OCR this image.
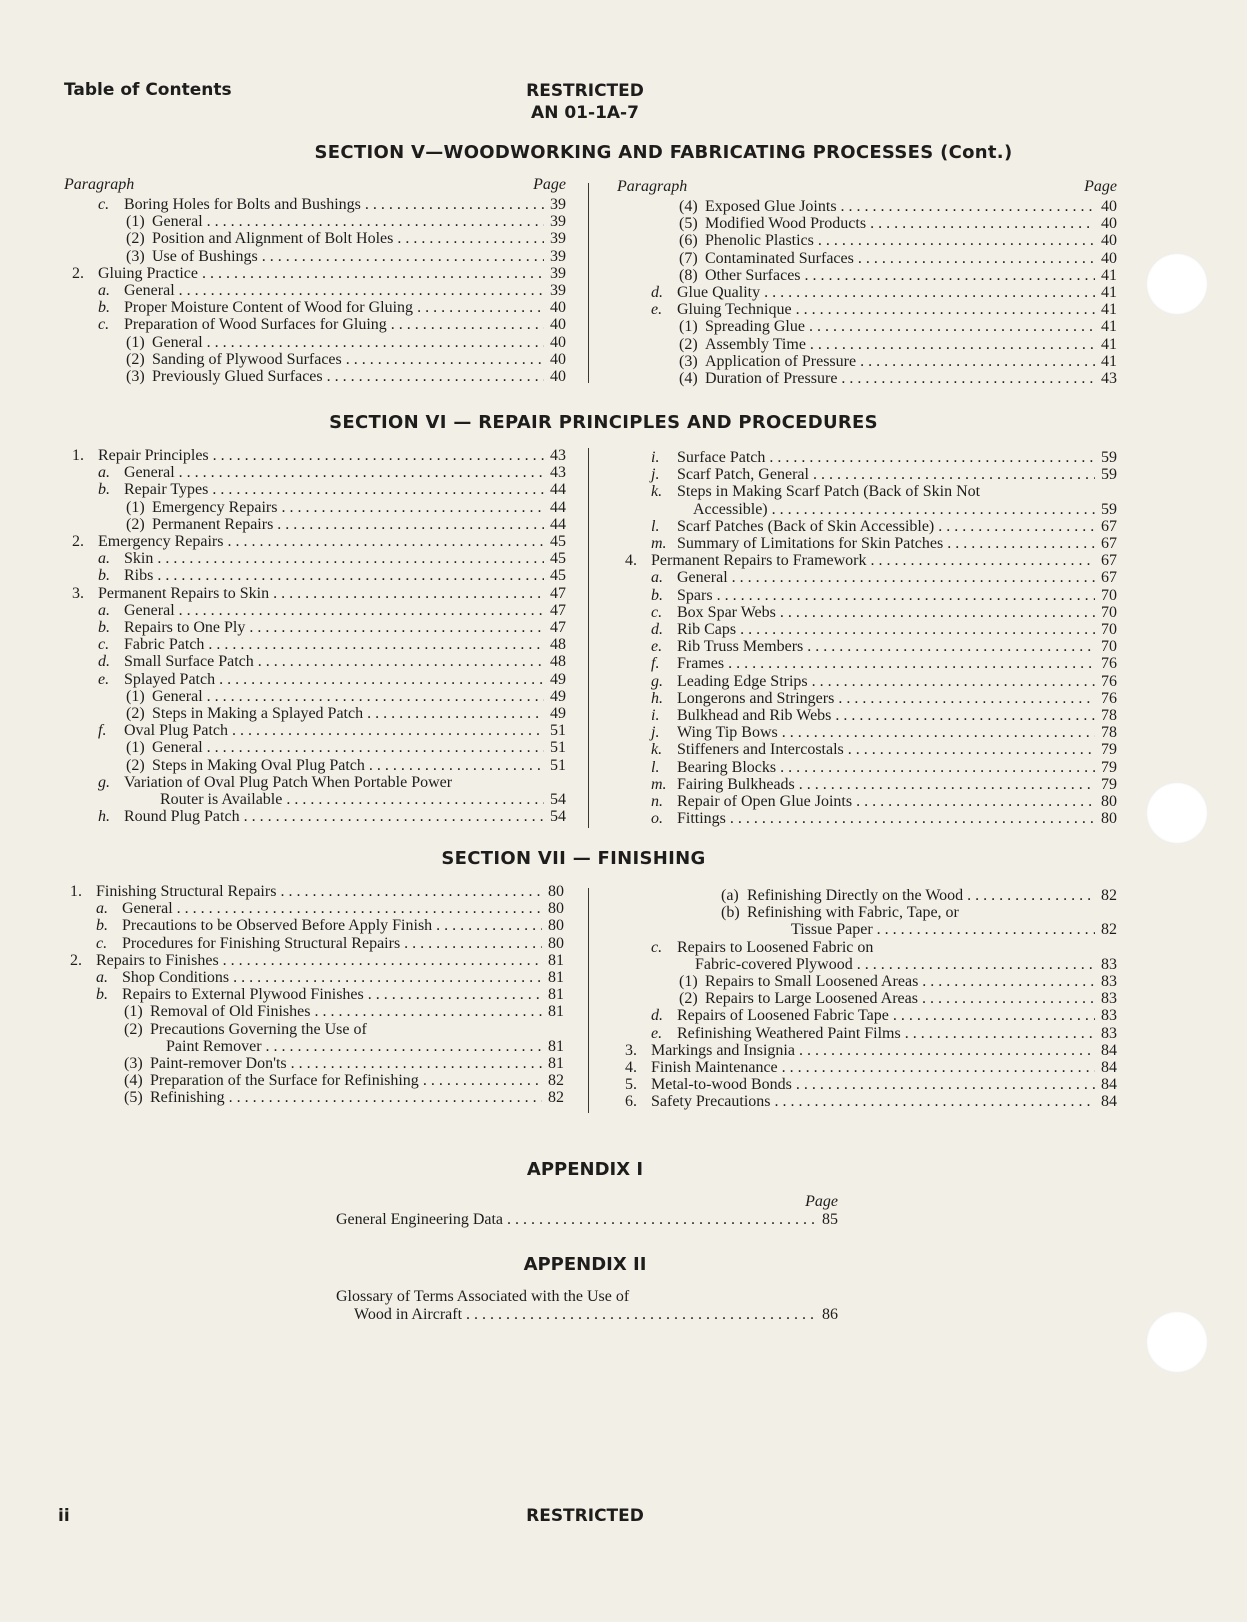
Table of Contents	RESTRICTED
AN 01-1A-7
SECTION V—WOODWORKING AND FABRICATING PROCESSES (Cont.)
Paragraph	Page
c. Boring Holes for Bolts and Bushings . . .	39
(1) General . . .	39
(2) Position and Alignment of Bolt Holes . . .	39
(3) Use of Bushings . . .	39
2. Gluing Practice . . .	39
a. General . . .	39
b. Proper Moisture Content of Wood for Gluing . . .	40
c. Preparation of Wood Surfaces for Gluing . . .	40
(1) General . . .	40
(2) Sanding of Plywood Surfaces . . .	40
(3) Previously Glued Surfaces . . .	40
Paragraph	Page
(4) Exposed Glue Joints . . .	40
(5) Modified Wood Products . . .	40
(6) Phenolic Plastics . . .	40
(7) Contaminated Surfaces . . .	40
(8) Other Surfaces . . .	41
d. Glue Quality . . .	41
e. Gluing Technique . . .	41
(1) Spreading Glue . . .	41
(2) Assembly Time . . .	41
(3) Application of Pressure . . .	41
(4) Duration of Pressure . . .	43
SECTION VI — REPAIR PRINCIPLES AND PROCEDURES
1. Repair Principles . . .	43
a. General . . .	43
b. Repair Types . . .	44
(1) Emergency Repairs . . .	44
(2) Permanent Repairs . . .	44
2. Emergency Repairs . . .	45
a. Skin . . .	45
b. Ribs . . .	45
3. Permanent Repairs to Skin . . .	47
a. General . . .	47
b. Repairs to One Ply . . .	47
c. Fabric Patch . . .	48
d. Small Surface Patch . . .	48
e. Splayed Patch . . .	49
(1) General . . .	49
(2) Steps in Making a Splayed Patch . . .	49
f.	Oval Plug Patch . . .	51
(1) General . . .	51
(2) Steps in Making Oval Plug Patch . . .	51
g. Variation of Oval Plug Patch When Portable Power
Router is Available . . .	54
h. Round Plug Patch . . .	54
i.	Surface Patch . . .	59
j.	Scarf Patch, General . . .	59
k. Steps in Making Scarf Patch (Back of Skin Not
Accessible) . . .	59
l.	Scarf Patches (Back of Skin Accessible) . . .	67
m. Summary of Limitations for Skin Patches . . .	67
4. Permanent Repairs to Framework . . .	67
a. General . . .	67
b. Spars . . .	70
c. Box Spar Webs . . .	70
d. Rib Caps . . .	70
e. Rib Truss Members . . .	70
f.	Frames . . .	76
g. Leading Edge Strips . . .	76
h. Longerons and Stringers . . .	76
i.	Bulkhead and Rib Webs . . .	78
j.	Wing Tip Bows . . .	78
k. Stiffeners and Intercostals . . .	79
l.	Bearing Blocks . . .	79
m. Fairing Bulkheads . . .	79
n. Repair of Open Glue Joints . . .	80
o. Fittings . . .	80
SECTION VII — FINISHING
1. Finishing Structural Repairs . . .	80
a. General . . .	80
b. Precautions to be Observed Before Apply Finish . . .	80
c. Procedures for Finishing Structural Repairs . . .	80
2. Repairs to Finishes . . .	81
a. Shop Conditions . . .	81
b. Repairs to External Plywood Finishes . . .	81
(1) Removal of Old Finishes . . .	81
(2) Precautions Governing the Use of
Paint Remover . . .	81
(3) Paint-remover Don'ts . . .	81
(4) Preparation of the Surface for Refinishing . . .	82
(5) Refinishing . . .	82
(a) Refinishing Directly on the Wood . . .	82
(b) Refinishing with Fabric, Tape, or
Tissue Paper . . .	82
c. Repairs to Loosened Fabric on
Fabric-covered Plywood . . .	83
(1) Repairs to Small Loosened Areas . . .	83
(2) Repairs to Large Loosened Areas . . .	83
d. Repairs of Loosened Fabric Tape . . .	83
e. Refinishing Weathered Paint Films . . .	83
3. Markings and Insignia . . .	84
4. Finish Maintenance . . .	84
5. Metal-to-wood Bonds . . .	84
6. Safety Precautions . . .	84
APPENDIX I
Page
General Engineering Data . . .	85
APPENDIX II
Glossary of Terms Associated with the Use of
Wood in Aircraft . . .	86
ii	RESTRICTED
